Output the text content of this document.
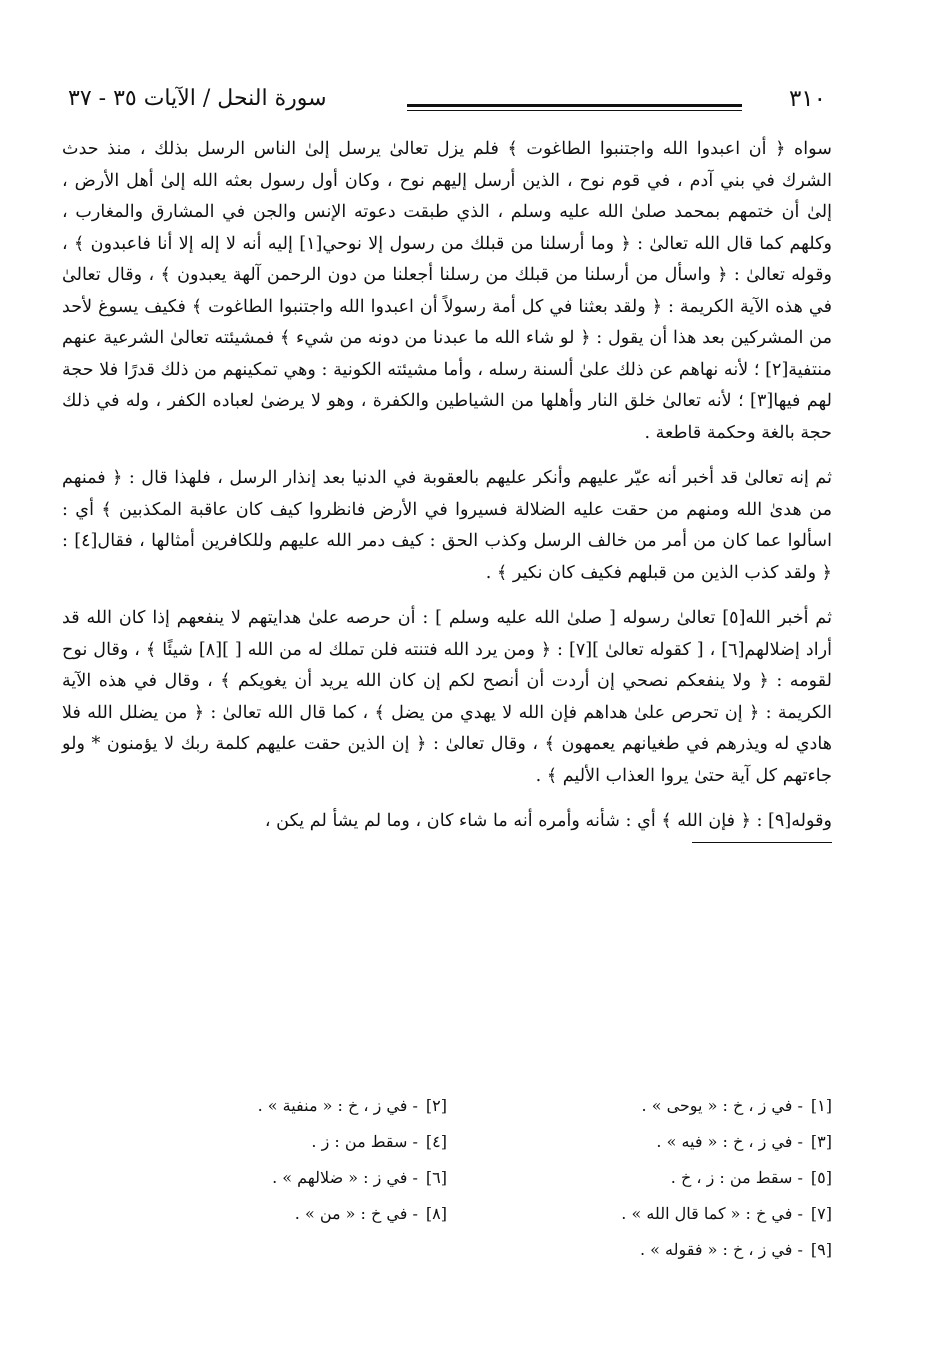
سورة النحل / الآيات ٣٥ - ٣٧	٣١٠

سواه ﴿ أن اعبدوا الله واجتنبوا الطاغوت ﴾ فلم يزل تعالىٰ يرسل إلىٰ الناس الرسل بذلك ، منذ حدث الشرك في بني آدم ، في قوم نوح ، الذين أرسل إليهم نوح ، وكان أول رسول بعثه الله إلىٰ أهل الأرض ، إلىٰ أن ختمهم بمحمد صلىٰ الله عليه وسلم ، الذي طبقت دعوته الإنس والجن في المشارق والمغارب ، وكلهم كما قال الله تعالىٰ : ﴿ وما أرسلنا من قبلك من رسول إلا نوحي[١] إليه أنه لا إله إلا أنا فاعبدون ﴾ ، وقوله تعالىٰ : ﴿ واسأل من أرسلنا من قبلك من رسلنا أجعلنا من دون الرحمن آلهة يعبدون ﴾ ، وقال تعالىٰ في هذه الآية الكريمة : ﴿ ولقد بعثنا في كل أمة رسولاً أن اعبدوا الله واجتنبوا الطاغوت ﴾ فكيف يسوغ لأحد من المشركين بعد هذا أن يقول : ﴿ لو شاء الله ما عبدنا من دونه من شيء ﴾ فمشيئته تعالىٰ الشرعية عنهم منتفية[٢] ؛ لأنه نهاهم عن ذلك علىٰ ألسنة رسله ، وأما مشيئته الكونية : وهي تمكينهم من ذلك قدرًا فلا حجة لهم فيها[٣] ؛ لأنه تعالىٰ خلق النار وأهلها من الشياطين والكفرة ، وهو لا يرضىٰ لعباده الكفر ، وله في ذلك حجة بالغة وحكمة قاطعة .

ثم إنه تعالىٰ قد أخبر أنه عيّر عليهم وأنكر عليهم بالعقوبة في الدنيا بعد إنذار الرسل ، فلهذا قال : ﴿ فمنهم من هدىٰ الله ومنهم من حقت عليه الضلالة فسيروا في الأرض فانظروا كيف كان عاقبة المكذبين ﴾ أي : اسألوا عما كان من أمر من خالف الرسل وكذب الحق : كيف دمر الله عليهم وللكافرين أمثالها ، فقال[٤] : ﴿ ولقد كذب الذين من قبلهم فكيف كان نكير ﴾ .

ثم أخبر الله[٥] تعالىٰ رسوله [ صلىٰ الله عليه وسلم ] : أن حرصه علىٰ هدايتهم لا ينفعهم إذا كان الله قد أراد إضلالهم[٦] ، [ كقوله تعالىٰ ][٧] : ﴿ ومن يرد الله فتنته فلن تملك له من الله [ ][٨] شيئًا ﴾ ، وقال نوح لقومه : ﴿ ولا ينفعكم نصحي إن أردت أن أنصح لكم إن كان الله يريد أن يغويكم ﴾ ، وقال في هذه الآية الكريمة : ﴿ إن تحرص علىٰ هداهم فإن الله لا يهدي من يضل ﴾ ، كما قال الله تعالىٰ : ﴿ من يضلل الله فلا هادي له ويذرهم في طغيانهم يعمهون ﴾ ، وقال تعالىٰ : ﴿ إن الذين حقت عليهم كلمة ربك لا يؤمنون * ولو جاءتهم كل آية حتىٰ يروا العذاب الأليم ﴾ .

وقوله[٩] : ﴿ فإن الله ﴾ أي : شأنه وأمره أنه ما شاء كان ، وما لم يشأ لم يكن ،

[١]- في ز ، خ : « يوحى » .
[٢]- في ز ، خ : « منفية » .
[٣]- في ز ، خ : « فيه » .
[٤]- سقط من : ز .
[٥]- سقط من : ز ، خ .
[٦]- في ز : « ضلالهم » .
[٧]- في خ : « كما قال الله » .
[٨]- في خ : « من » .
[٩]- في ز ، خ : « فقوله » .
